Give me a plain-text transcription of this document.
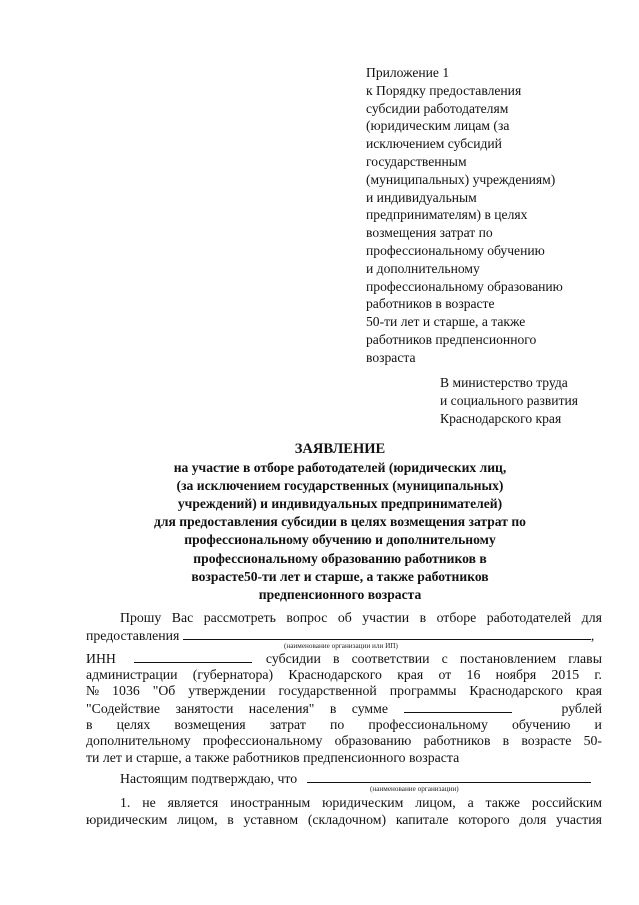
Приложение 1
к Порядку предоставления
субсидии работодателям
(юридическим лицам (за
исключением субсидий
государственным
(муниципальных) учреждениям)
и индивидуальным
предпринимателям) в целях
возмещения затрат по
профессиональному обучению
и дополнительному
профессиональному образованию
работников в возрасте
50-ти лет и старше, а также
работников предпенсионного
возраста
В министерство труда
и социального развития
Краснодарского края
ЗАЯВЛЕНИЕ
на участие в отборе работодателей (юридических лиц,
(за исключением государственных (муниципальных)
учреждений) и индивидуальных предпринимателей)
для предоставления субсидии в целях возмещения затрат по
профессиональному обучению и дополнительному
профессиональному образованию работников в
возрасте50-ти лет и старше, а также работников
предпенсионного возраста
Прошу Вас рассмотреть вопрос об участии в отборе работодателей для
предоставления	,
(наименование организации или ИП)
ИНН	субсидии в соответствии с постановлением главы
администрации (губернатора) Краснодарского края от 16 ноября 2015 г.
№ 1036 "Об утверждении государственной программы Краснодарского края
"Содействие занятости населения" в сумме	рублей
в целях возмещения затрат по профессиональному обучению и
дополнительному профессиональному образованию работников в возрасте 50-
ти лет и старше, а также работников предпенсионного возраста
Настоящим подтверждаю, что
(наименование организации)
1. не является иностранным юридическим лицом, а также российским
юридическим лицом, в уставном (складочном) капитале которого доля участия
